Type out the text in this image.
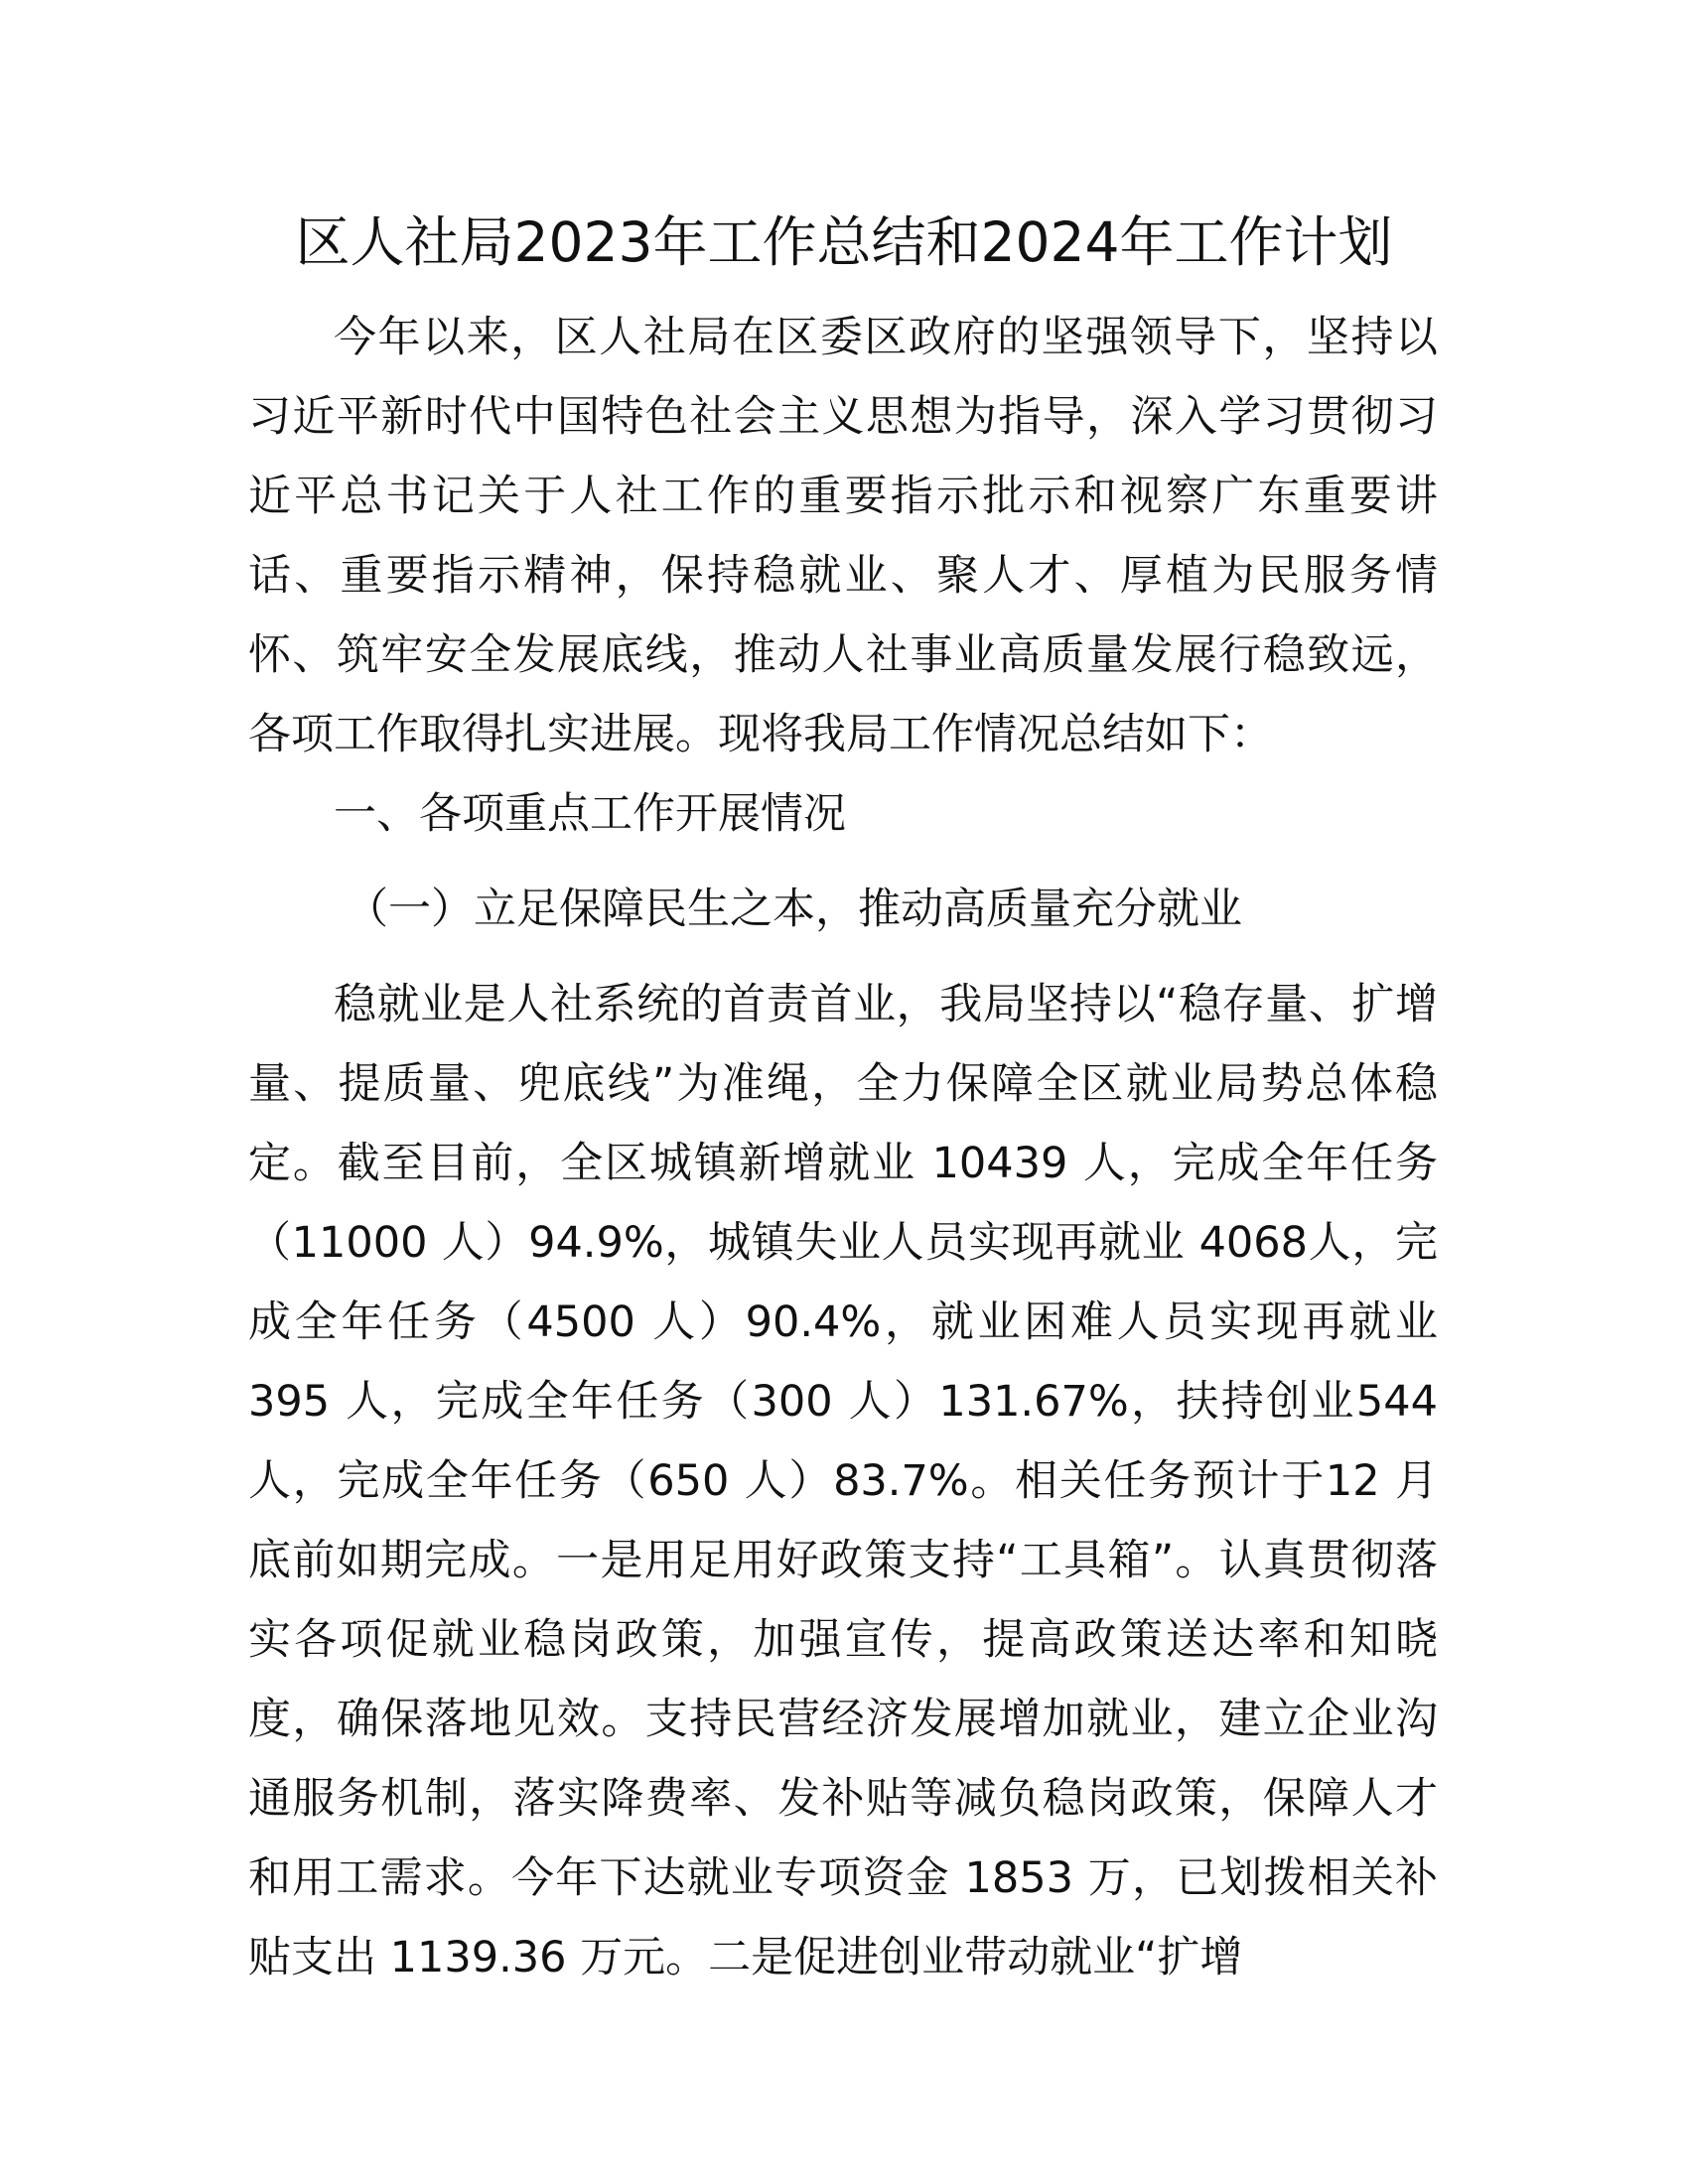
区人社局2023年工作总结和2024年工作计划

今年以来，区人社局在区委区政府的坚强领导下，坚持以习近平新时代中国特色社会主义思想为指导，深入学习贯彻习近平总书记关于人社工作的重要指示批示和视察广东重要讲话、重要指示精神，保持稳就业、聚人才、厚植为民服务情怀、筑牢安全发展底线，推动人社事业高质量发展行稳致远，各项工作取得扎实进展。现将我局工作情况总结如下：

一、各项重点工作开展情况

（一）立足保障民生之本，推动高质量充分就业

稳就业是人社系统的首责首业，我局坚持以“稳存量、扩增量、提质量、兜底线”为准绳，全力保障全区就业局势总体稳定。截至目前，全区城镇新增就业 10439 人，完成全年任务（11000 人）94.9%，城镇失业人员实现再就业 4068人，完成全年任务（4500 人）90.4%，就业困难人员实现再就业 395 人，完成全年任务（300 人）131.67%，扶持创业544 人，完成全年任务（650 人）83.7%。相关任务预计于12 月底前如期完成。一是用足用好政策支持“工具箱”。认真贯彻落实各项促就业稳岗政策，加强宣传，提高政策送达率和知晓度，确保落地见效。支持民营经济发展增加就业，建立企业沟通服务机制，落实降费率、发补贴等减负稳岗政策，保障人才和用工需求。今年下达就业专项资金 1853 万，已划拨相关补贴支出 1139.36 万元。二是促进创业带动就业“扩增
